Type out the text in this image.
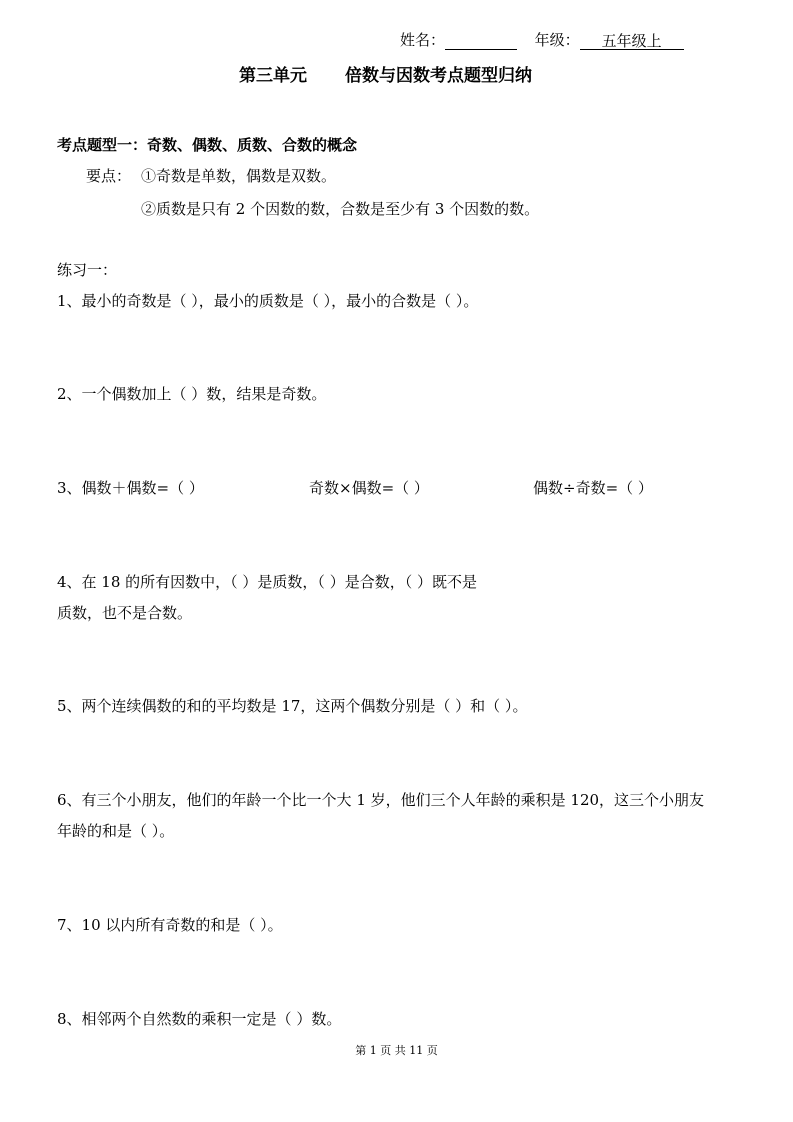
姓名：	年级： 五年级上
第三单元 倍数与因数考点题型归纳
考点题型一：奇数、偶数、质数、合数的概念
要点： ①奇数是单数，偶数是双数。
②质数是只有 2 个因数的数，合数是至少有 3 个因数的数。
练习一：
1、最小的奇数是（ ），最小的质数是（ ），最小的合数是（ ）。
2、一个偶数加上（ ）数，结果是奇数。
3、偶数＋偶数=（ ）	奇数×偶数=（ ）	偶数÷奇数=（ ）
4、在 18 的所有因数中，（ ）是质数，（ ）是合数，（ ）既不是
质数，也不是合数。
5、两个连续偶数的和的平均数是 17，这两个偶数分别是（ ）和（ ）。
6、有三个小朋友，他们的年龄一个比一个大 1 岁，他们三个人年龄的乘积是 120，这三个小朋友
年龄的和是（ ）。
7、10 以内所有奇数的和是（ ）。
8、相邻两个自然数的乘积一定是（ ）数。
第 1 页 共 11 页
